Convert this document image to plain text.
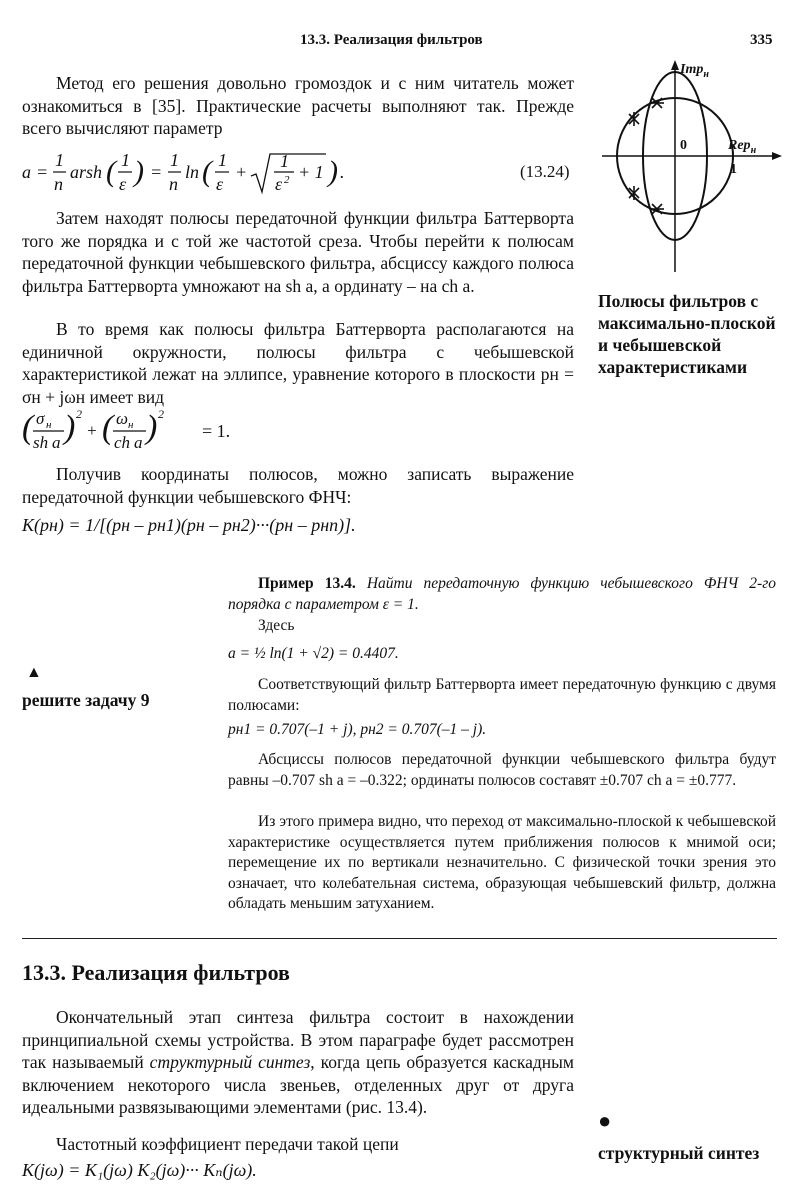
13.3. Реализация фильтров	335

Метод его решения довольно громоздок и с ним читатель может ознакомиться в [35]. Практические расчеты выполняют так. Прежде всего вычисляют параметр

a =
1
n
arsh ( 1
ε ) =
1
n
ln ( 1
ε
+
1
ε 2 + 1 ) .	(13.24)

Затем находят полюсы передаточной функции фильтра Баттерворта того же порядка и с той же частотой среза. Чтобы перейти к полюсам передаточной функции чебышевского фильтра, абсциссу каждого полюса фильтра Баттерворта умножают на sh a, а ординату – на ch a.

В то время как полюсы фильтра Баттерворта располагаются на единичной окружности, полюсы фильтра с чебышевской характеристикой лежат на эллипсе, уравнение которого в плоскости pн = σн + jωн имеет вид

( σ н
sh a ) 2
+ ( ω н
ch a ) 2
= 1.

Получив координаты полюсов, можно записать выражение передаточной функции чебышевского ФНЧ:

K(pн) = 1/[(pн – pн1)(pн – pн2)···(pн – pнn)].
Imp$_н$
Rep$_н$
0
1

Полюсы фильтров с максимально-плоской и чебышевской характеристиками

Пример 13.4. Найти передаточную функцию чебышевского ФНЧ 2-го порядка с параметром ε = 1.

Здесь
a = ½ ln(1 + √2) = 0.4407.

Соответствующий фильтр Баттерворта имеет передаточную функцию с двумя полюсами:

pн1 = 0.707(–1 + j), pн2 = 0.707(–1 – j).

Абсциссы полюсов передаточной функции чебышевского фильтра будут равны –0.707 sh a = –0.322; ординаты полюсов составят ±0.707 ch a = ±0.777.

Из этого примера видно, что переход от максимально-плоской к чебышевской характеристике осуществляется путем приближения полюсов к мнимой оси; перемещение их по вертикали незначительно. С физической точки зрения это означает, что колебательная система, образующая чебышевский фильтр, должна обладать меньшим затуханием.

▲
решите задачу 9
13.3. Реализация фильтров

Окончательный этап синтеза фильтра состоит в нахождении принципиальной схемы устройства. В этом параграфе будет рассмотрен так называемый структурный синтез, когда цепь образуется каскадным включением некоторого числа звеньев, отделенных друг от друга идеальными развязывающими элементами (рис. 13.4).

Частотный коэффициент передачи такой цепи

K(jω) = K₁(jω) K₂(jω)··· Kₙ(jω).
●
структурный синтез
